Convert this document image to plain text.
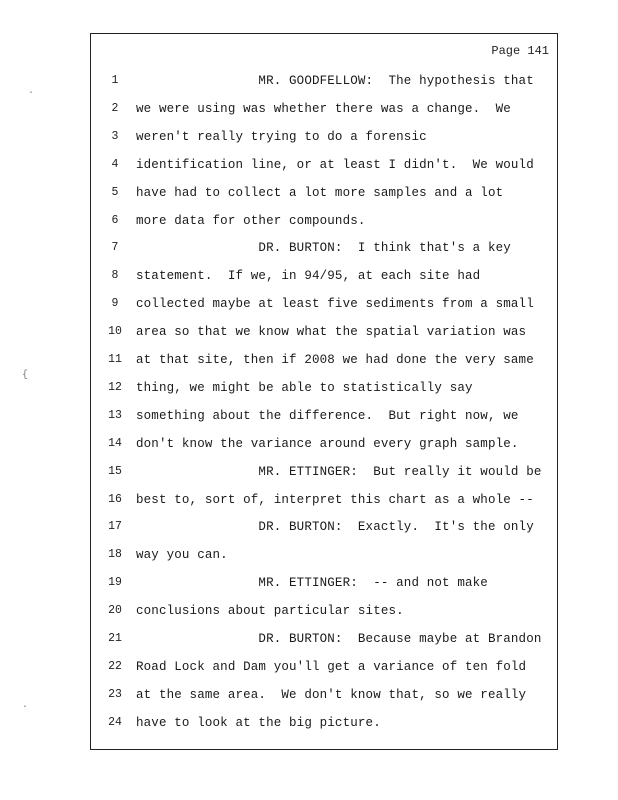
Page 141
1	MR. GOODFELLOW:  The hypothesis that
2	we were using was whether there was a change.  We
3	weren't really trying to do a forensic
4	identification line, or at least I didn't.  We would
5	have had to collect a lot more samples and a lot
6	more data for other compounds.
7	DR. BURTON:  I think that's a key
8	statement.  If we, in 94/95, at each site had
9	collected maybe at least five sediments from a small
10	area so that we know what the spatial variation was
11	at that site, then if 2008 we had done the very same
12	thing, we might be able to statistically say
13	something about the difference.  But right now, we
14	don't know the variance around every graph sample.
15	MR. ETTINGER:  But really it would be
16	best to, sort of, interpret this chart as a whole --
17	DR. BURTON:  Exactly.  It's the only
18	way you can.
19	MR. ETTINGER:  -- and not make
20	conclusions about particular sites.
21	DR. BURTON:  Because maybe at Brandon
22	Road Lock and Dam you'll get a variance of ten fold
23	at the same area.  We don't know that, so we really
24	have to look at the big picture.
·
{
·
